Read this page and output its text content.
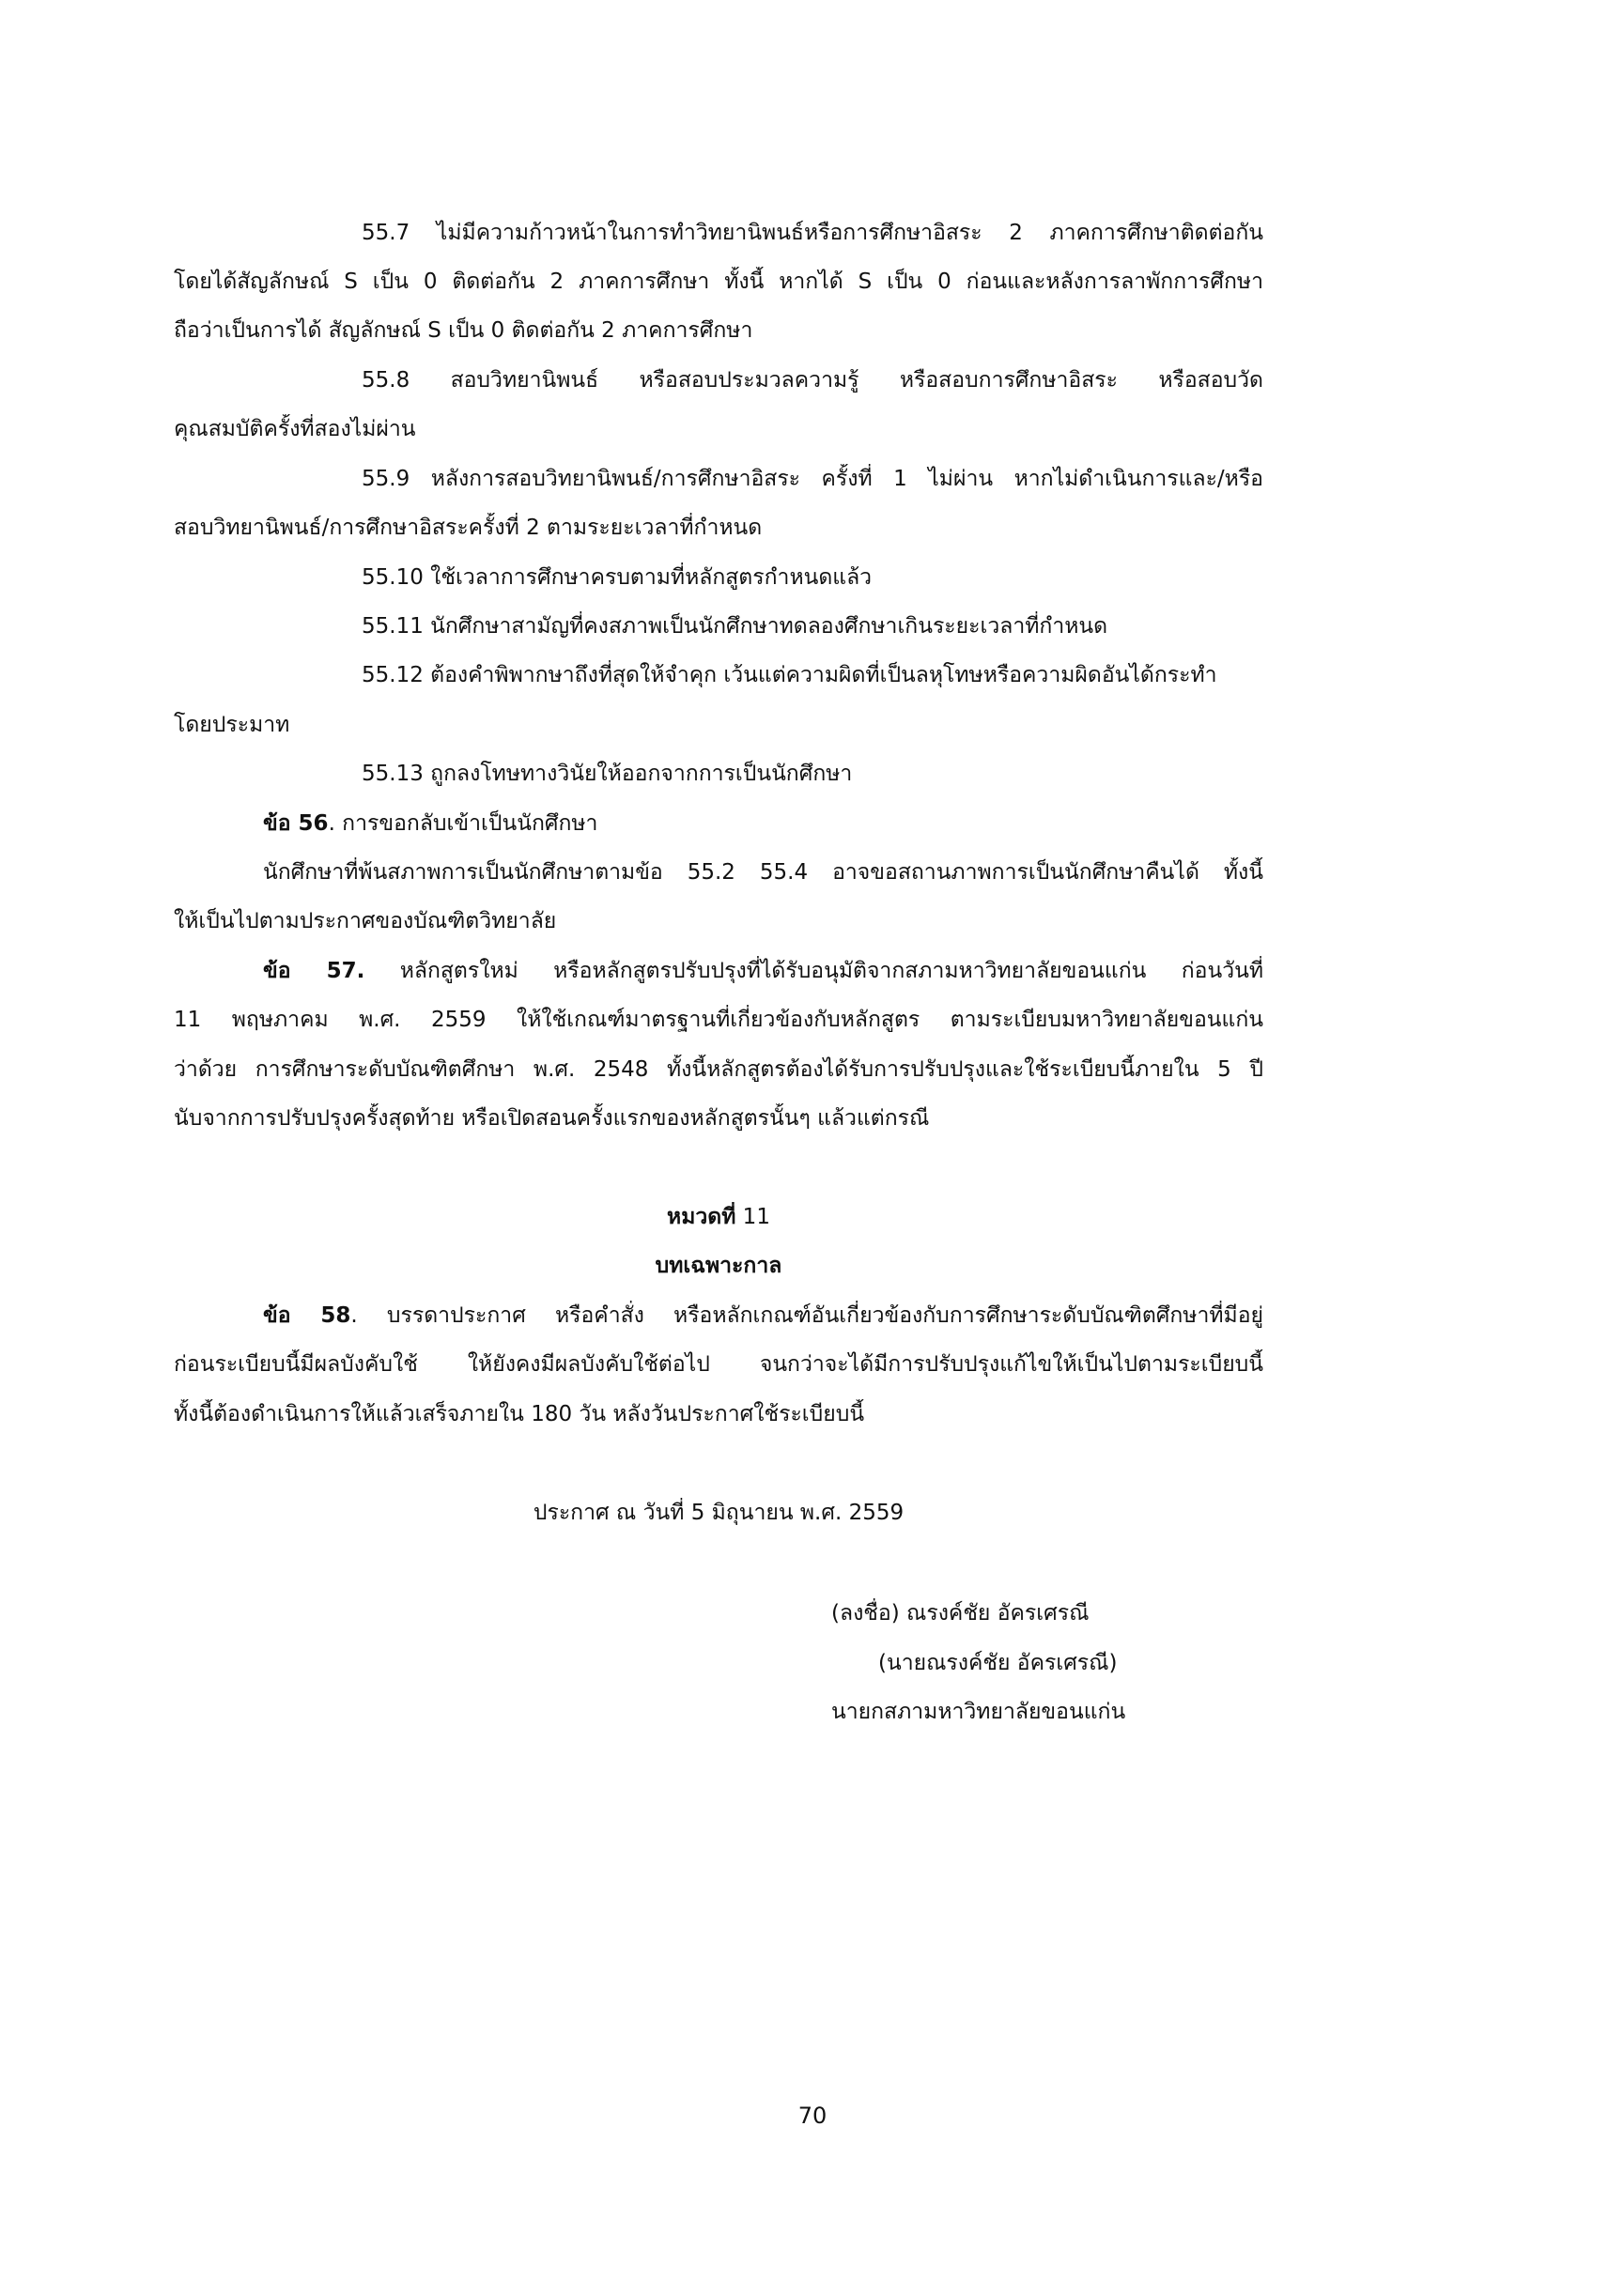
55.7 ไม่มีความก้าวหน้าในการทำวิทยานิพนธ์หรือการศึกษาอิสระ 2 ภาคการศึกษาติดต่อกัน
โดยได้สัญลักษณ์ S เป็น 0 ติดต่อกัน 2 ภาคการศึกษา ทั้งนี้ หากได้ S เป็น 0 ก่อนและหลังการลาพักการศึกษา
ถือว่าเป็นการได้ สัญลักษณ์ S เป็น 0 ติดต่อกัน 2 ภาคการศึกษา
55.8 สอบวิทยานิพนธ์ หรือสอบประมวลความรู้ หรือสอบการศึกษาอิสระ หรือสอบวัด
คุณสมบัติครั้งที่สองไม่ผ่าน
55.9 หลังการสอบวิทยานิพนธ์/การศึกษาอิสระ ครั้งที่ 1 ไม่ผ่าน หากไม่ดำเนินการและ/หรือ
สอบวิทยานิพนธ์/การศึกษาอิสระครั้งที่ 2 ตามระยะเวลาที่กำหนด
55.10 ใช้เวลาการศึกษาครบตามที่หลักสูตรกำหนดแล้ว
55.11 นักศึกษาสามัญที่คงสภาพเป็นนักศึกษาทดลองศึกษาเกินระยะเวลาที่กำหนด
55.12 ต้องคำพิพากษาถึงที่สุดให้จำคุก เว้นแต่ความผิดที่เป็นลหุโทษหรือความผิดอันได้กระทำ
โดยประมาท
55.13 ถูกลงโทษทางวินัยให้ออกจากการเป็นนักศึกษา
ข้อ 56. การขอกลับเข้าเป็นนักศึกษา
นักศึกษาที่พ้นสภาพการเป็นนักศึกษาตามข้อ 55.2 55.4 อาจขอสถานภาพการเป็นนักศึกษาคืนได้ ทั้งนี้
ให้เป็นไปตามประกาศของบัณฑิตวิทยาลัย
ข้อ 57. หลักสูตรใหม่ หรือหลักสูตรปรับปรุงที่ได้รับอนุมัติจากสภามหาวิทยาลัยขอนแก่น ก่อนวันที่
11 พฤษภาคม พ.ศ. 2559 ให้ใช้เกณฑ์มาตรฐานที่เกี่ยวข้องกับหลักสูตร ตามระเบียบมหาวิทยาลัยขอนแก่น
ว่าด้วย การศึกษาระดับบัณฑิตศึกษา พ.ศ. 2548 ทั้งนี้หลักสูตรต้องได้รับการปรับปรุงและใช้ระเบียบนี้ภายใน 5 ปี
นับจากการปรับปรุงครั้งสุดท้าย หรือเปิดสอนครั้งแรกของหลักสูตรนั้นๆ แล้วแต่กรณี
หมวดที่ 11
บทเฉพาะกาล
ข้อ 58. บรรดาประกาศ หรือคำสั่ง หรือหลักเกณฑ์อันเกี่ยวข้องกับการศึกษาระดับบัณฑิตศึกษาที่มีอยู่
ก่อนระเบียบนี้มีผลบังคับใช้ ให้ยังคงมีผลบังคับใช้ต่อไป จนกว่าจะได้มีการปรับปรุงแก้ไขให้เป็นไปตามระเบียบนี้
ทั้งนี้ต้องดำเนินการให้แล้วเสร็จภายใน 180 วัน หลังวันประกาศใช้ระเบียบนี้
ประกาศ ณ วันที่ 5 มิถุนายน พ.ศ. 2559
(ลงชื่อ) ณรงค์ชัย อัครเศรณี
(นายณรงค์ชัย อัครเศรณี)
นายกสภามหาวิทยาลัยขอนแก่น
70
